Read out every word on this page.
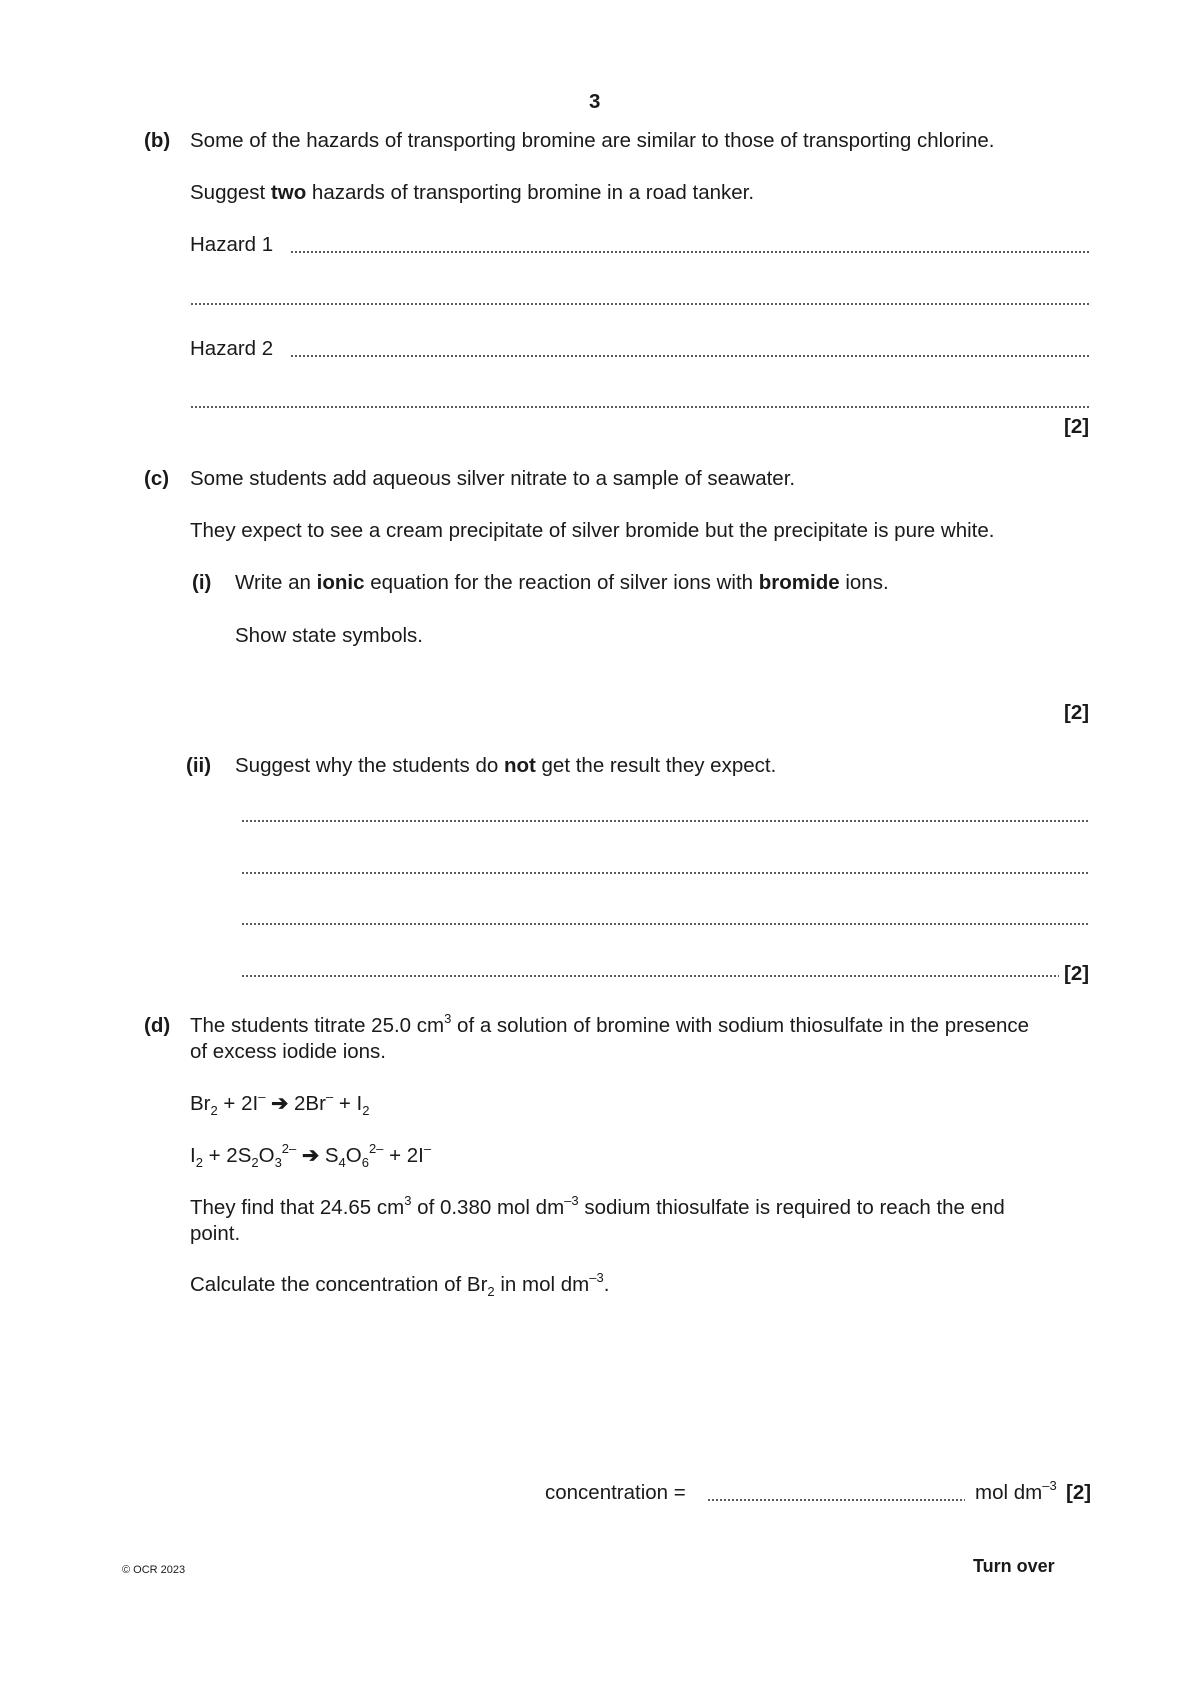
3
(b) Some of the hazards of transporting bromine are similar to those of transporting chlorine.
Suggest two hazards of transporting bromine in a road tanker.
Hazard 1
Hazard 2
[2]
(c) Some students add aqueous silver nitrate to a sample of seawater.
They expect to see a cream precipitate of silver bromide but the precipitate is pure white.
(i) Write an ionic equation for the reaction of silver ions with bromide ions.
Show state symbols.
[2]
(ii) Suggest why the students do not get the result they expect.
[2]
(d) The students titrate 25.0 $cm^3$ of a solution of bromine with sodium thiosulfate in the presence
of excess iodide ions.
$Br_2 + 2I^-$ ➔ $2Br^- + I_2$
$I_2 + 2S_2O_3^{2-}$ ➔ $S_4O_6^{2-} + 2I^-$
They find that 24.65 $cm^3$ of 0.380 mol $dm^{-3}$ sodium thiosulfate is required to reach the end
point.
Calculate the concentration of $Br_2$ in mol $dm^{-3}$.
concentration =	mol $dm^{-3}$ [2]
© OCR 2023	Turn over
